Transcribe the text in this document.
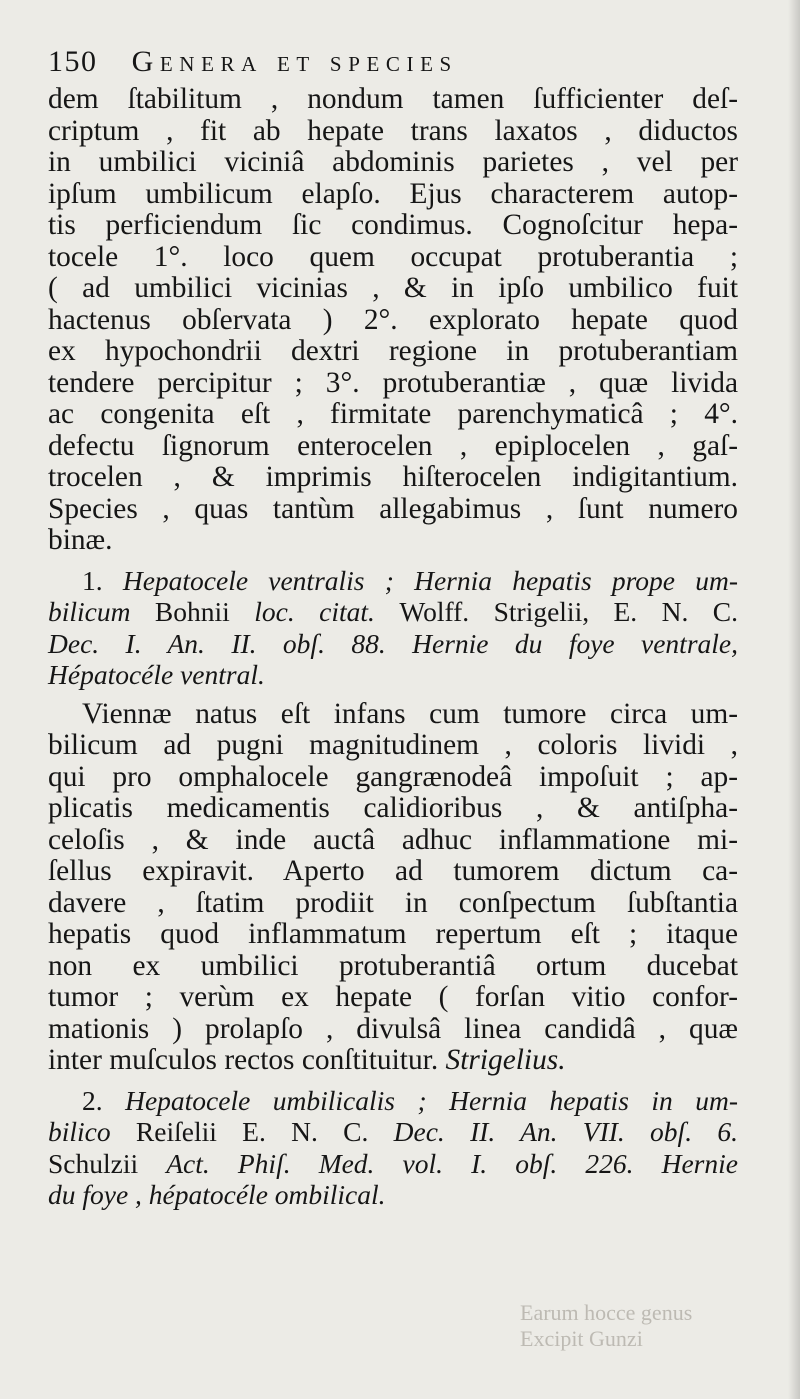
150 Genera et species
dem ſtabilitum , nondum tamen ſufficienter deſ-
criptum , fit ab hepate trans laxatos , diductos
in umbilici viciniâ abdominis parietes , vel per
ipſum umbilicum elapſo. Ejus characterem autop-
tis perficiendum ſic condimus. Cognoſcitur hepa-
tocele 1°. loco quem occupat protuberantia ;
( ad umbilici vicinias , & in ipſo umbilico fuit
hactenus obſervata ) 2°. explorato hepate quod
ex hypochondrii dextri regione in protuberantiam
tendere percipitur ; 3°. protuberantiæ , quæ livida
ac congenita eſt , firmitate parenchymaticâ ; 4°.
defectu ſignorum enterocelen , epiplocelen , gaſ-
trocelen , & imprimis hiſterocelen indigitantium.
Species , quas tantùm allegabimus , ſunt numero
binæ.
1. Hepatocele ventralis ; Hernia hepatis prope um-
bilicum Bohnii loc. citat. Wolff. Strigelii, E. N. C.
Dec. I. An. II. obſ. 88. Hernie du foye ventrale,
Hépatocéle ventral.
Viennæ natus eſt infans cum tumore circa um-
bilicum ad pugni magnitudinem , coloris lividi ,
qui pro omphalocele gangrænodeâ impoſuit ; ap-
plicatis medicamentis calidioribus , & antiſpha-
celoſis , & inde auctâ adhuc inflammatione mi-
ſellus expiravit. Aperto ad tumorem dictum ca-
davere , ſtatim prodiit in conſpectum ſubſtantia
hepatis quod inflammatum repertum eſt ; itaque
non ex umbilici protuberantiâ ortum ducebat
tumor ; verùm ex hepate ( forſan vitio confor-
mationis ) prolapſo , divulsâ linea candidâ , quæ
inter muſculos rectos conſtituitur. Strigelius.
2. Hepatocele umbilicalis ; Hernia hepatis in um-
bilico Reiſelii E. N. C. Dec. II. An. VII. obſ. 6.
Schulzii Act. Phiſ. Med. vol. I. obſ. 226. Hernie
du foye , hépatocéle ombilical.
Earum hocce genus
Excipit Gunzi
